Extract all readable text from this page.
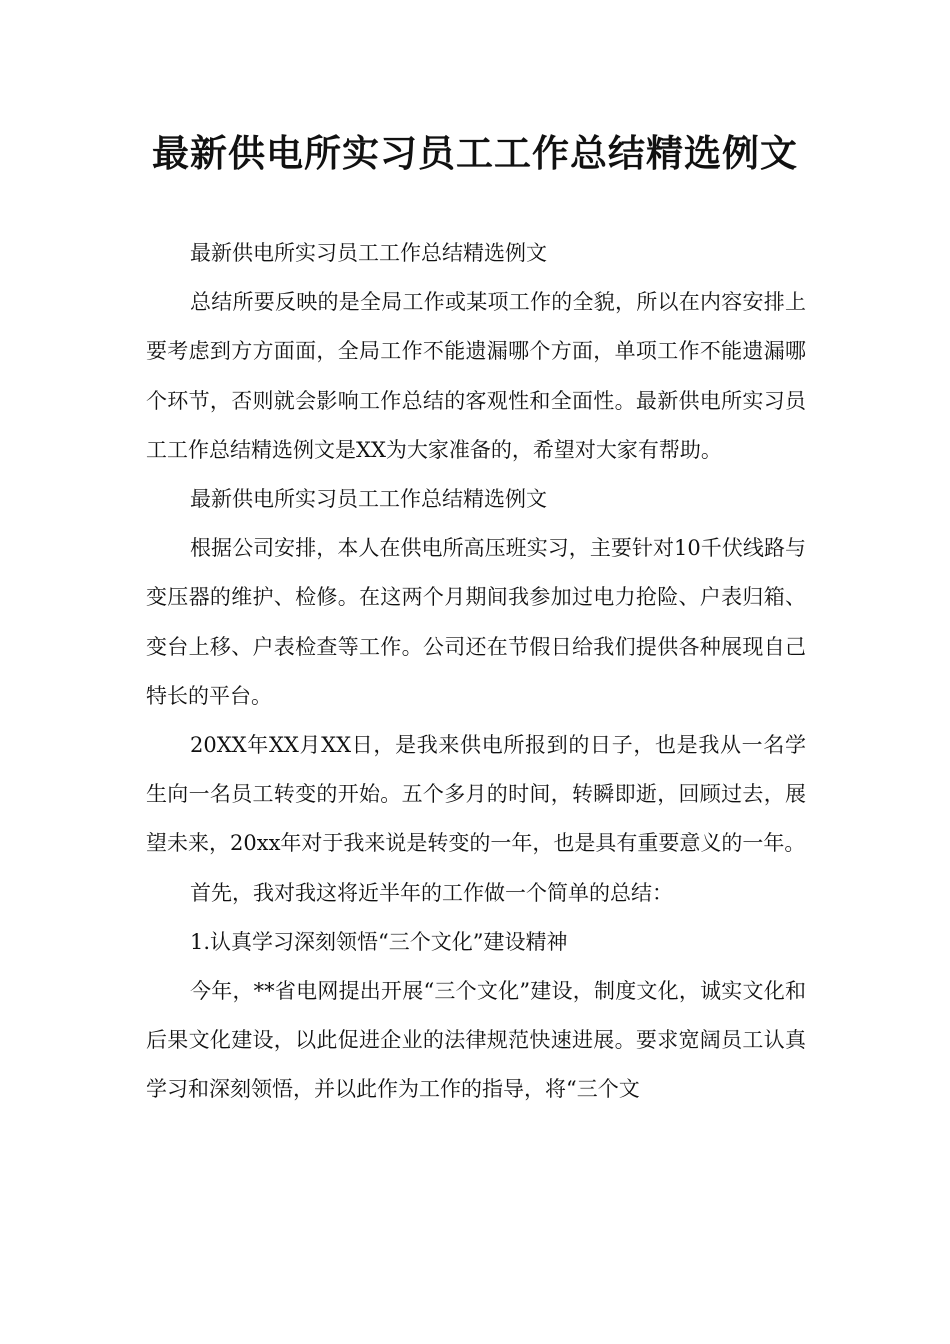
最新供电所实习员工工作总结精选例文

最新供电所实习员工工作总结精选例文

总结所要反映的是全局工作或某项工作的全貌，所以在内容安排上要考虑到方方面面，全局工作不能遗漏哪个方面，单项工作不能遗漏哪个环节，否则就会影响工作总结的客观性和全面性。最新供电所实习员工工作总结精选例文是XX为大家准备的，希望对大家有帮助。

最新供电所实习员工工作总结精选例文

根据公司安排，本人在供电所高压班实习，主要针对10千伏线路与变压器的维护、检修。在这两个月期间我参加过电力抢险、户表归箱、变台上移、户表检查等工作。公司还在节假日给我们提供各种展现自己特长的平台。

20XX年XX月XX日，是我来供电所报到的日子，也是我从一名学生向一名员工转变的开始。五个多月的时间，转瞬即逝，回顾过去，展望未来，20xx年对于我来说是转变的一年，也是具有重要意义的一年。

首先，我对我这将近半年的工作做一个简单的总结：

1.认真学习深刻领悟“三个文化”建设精神

今年，**省电网提出开展“三个文化”建设，制度文化，诚实文化和后果文化建设，以此促进企业的法律规范快速进展。要求宽阔员工认真学习和深刻领悟，并以此作为工作的指导，将“三个文
